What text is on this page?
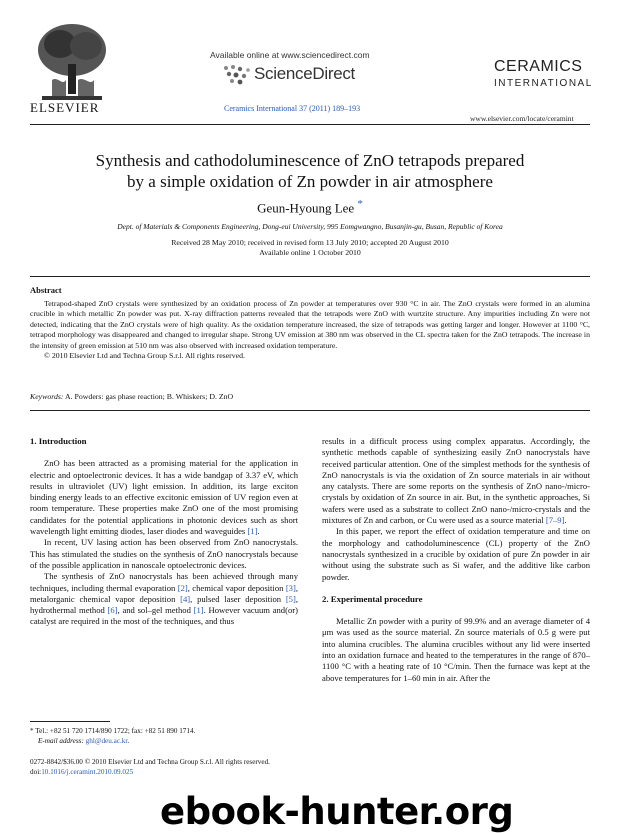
ELSEVIER
Available online at www.sciencedirect.com
ScienceDirect
Ceramics International 37 (2011) 189–193
CERAMICS
INTERNATIONAL
www.elsevier.com/locate/ceramint
Synthesis and cathodoluminescence of ZnO tetrapods prepared
by a simple oxidation of Zn powder in air atmosphere
Geun-Hyoung Lee *
Dept. of Materials & Components Engineering, Dong-eui University, 995 Eomgwangno, Busanjin-gu, Busan, Republic of Korea
Received 28 May 2010; received in revised form 13 July 2010; accepted 20 August 2010
Available online 1 October 2010
Abstract
Tetrapod-shaped ZnO crystals were synthesized by an oxidation process of Zn powder at temperatures over 930 °C in air. The ZnO crystals were formed in an alumina crucible in which metallic Zn powder was put. X-ray diffraction patterns revealed that the tetrapods were ZnO with wurtzite structure. Any impurities including Zn were not detected, indicating that the ZnO crystals were of high quality. As the oxidation temperature increased, the size of tetrapods was getting larger and longer. However at 1100 °C, tetrapod morphology was disappeared and changed to irregular shape. Strong UV emission at 380 nm was observed in the CL spectra taken for the ZnO tetrapods. The increase in the intensity of green emission at 510 nm was also observed with increased oxidation temperature.
© 2010 Elsevier Ltd and Techna Group S.r.l. All rights reserved.
Keywords: A. Powders: gas phase reaction; B. Whiskers; D. ZnO
1. Introduction

ZnO has been attracted as a promising material for the application in electric and optoelectronic devices. It has a wide bandgap of 3.37 eV, which results in ultraviolet (UV) light emission. In addition, its large exciton binding energy leads to an effective excitonic emission of UV region even at room temperature. These properties make ZnO one of the most promising candidates for the potential applications in photonic devices such as short wavelength light emitting diodes, laser diodes and waveguides [1].

In recent, UV lasing action has been observed from ZnO nanocrystals. This has stimulated the studies on the synthesis of ZnO nanocrystals because of the possible application in nanoscale optoelectronic devices.

The synthesis of ZnO nanocrystals has been achieved through many techniques, including thermal evaporation [2], chemical vapor deposition [3], metalorganic chemical vapor deposition [4], pulsed laser deposition [5], hydrothermal method [6], and sol–gel method [1]. However vacuum and(or) catalyst are required in the most of the techniques, and thus

results in a difficult process using complex apparatus. Accordingly, the synthetic methods capable of synthesizing easily ZnO nanocrystals have received particular attention. One of the simplest methods for the synthesis of ZnO nanocrystals is via the oxidation of Zn source materials in air without any catalysts. There are some reports on the synthesis of ZnO nano-/micro-crystals by oxidation of Zn source in air. But, in the synthetic approaches, Si wafers were used as a substrate to collect ZnO nano-/micro-crystals and the mixtures of Zn and carbon, or Cu were used as a source material [7–9].

In this paper, we report the effect of oxidation temperature and time on the morphology and cathodoluminescence (CL) property of the ZnO nanocrystals synthesized in a crucible by oxidation of pure Zn powder in air without using the substrate such as Si wafer, and the additive like carbon powder.

2. Experimental procedure

Metallic Zn powder with a purity of 99.9% and an average diameter of 4 μm was used as the source material. Zn source materials of 0.5 g were put into alumina crucibles. The alumina crucibles without any lid were inserted into an oxidation furnace and heated to the temperatures in the range of 870–1100 °C with a heating rate of 10 °C/min. Then the furnace was kept at the above temperatures for 1–60 min in air. After the

* Tel.: +82 51 720 1714/890 1722; fax: +82 51 890 1714.
E-mail address: ghl@deu.ac.kr.
0272-8842/$36.00 © 2010 Elsevier Ltd and Techna Group S.r.l. All rights reserved.
doi:10.1016/j.ceramint.2010.09.025
ebook-hunter.org
